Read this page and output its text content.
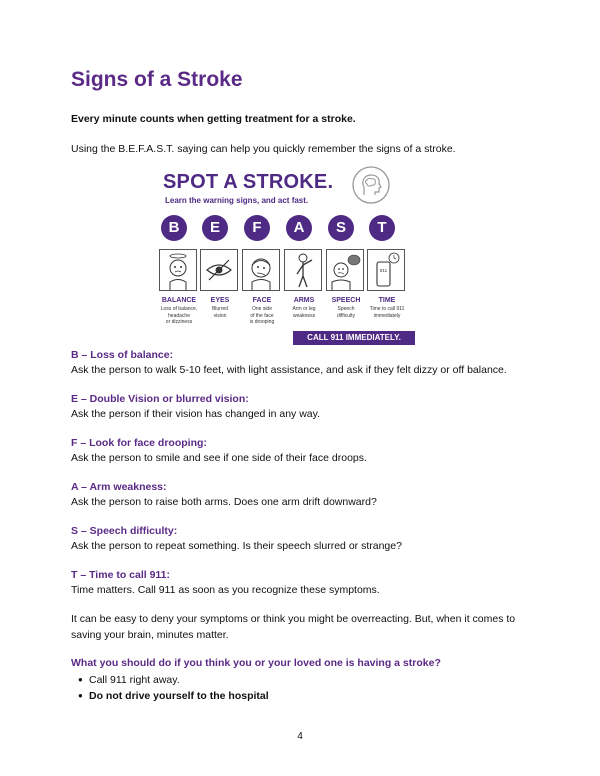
Signs of a Stroke
Every minute counts when getting treatment for a stroke.
Using the B.E.F.A.S.T. saying can help you quickly remember the signs of a stroke.
SPOT A STROKE.
Learn the warning signs, and act fast.
B	E	F	A	S	T
911
BALANCE
Loss of balance,
headache
or dizziness
EYES
Blurred
vision
FACE
One side
of the face
is drooping
ARMS
Arm or leg
weakness
SPEECH
Speech
difficulty
TIME
Time to call 911
immediately
CALL 911 IMMEDIATELY.
B – Loss of balance:
Ask the person to walk 5-10 feet, with light assistance, and ask if they felt dizzy or off balance.
E – Double Vision or blurred vision:
Ask the person if their vision has changed in any way.
F – Look for face drooping:
Ask the person to smile and see if one side of their face droops.
A – Arm weakness:
Ask the person to raise both arms. Does one arm drift downward?
S – Speech difficulty:
Ask the person to repeat something. Is their speech slurred or strange?
T – Time to call 911:
Time matters. Call 911 as soon as you recognize these symptoms.
It can be easy to deny your symptoms or think you might be overreacting. But, when it comes to saving your brain, minutes matter.
What you should do if you think you or your loved one is having a stroke?
● Call 911 right away.
● Do not drive yourself to the hospital
4
